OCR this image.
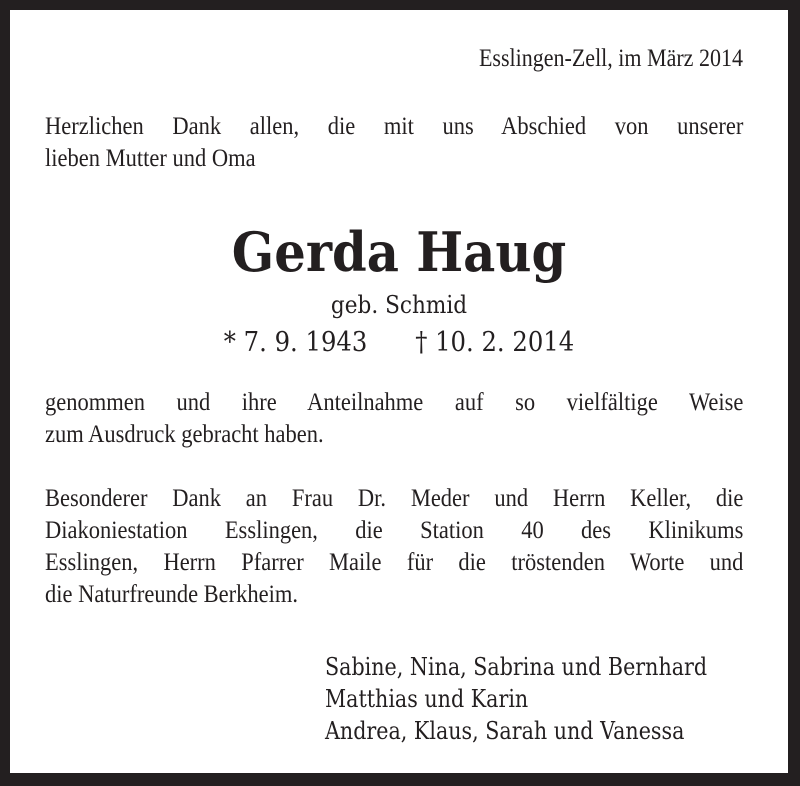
Esslingen-Zell, im März 2014
Herzlichen Dank allen, die mit uns Abschied von unserer
lieben Mutter und Oma
Gerda Haug
geb. Schmid
* 7. 9. 1943 † 10. 2. 2014
genommen und ihre Anteilnahme auf so vielfältige Weise
zum Ausdruck gebracht haben.
Besonderer Dank an Frau Dr. Meder und Herrn Keller, die
Diakoniestation Esslingen, die Station 40 des Klinikums
Esslingen, Herrn Pfarrer Maile für die tröstenden Worte und
die Naturfreunde Berkheim.
Sabine, Nina, Sabrina und Bernhard
Matthias und Karin
Andrea, Klaus, Sarah und Vanessa
